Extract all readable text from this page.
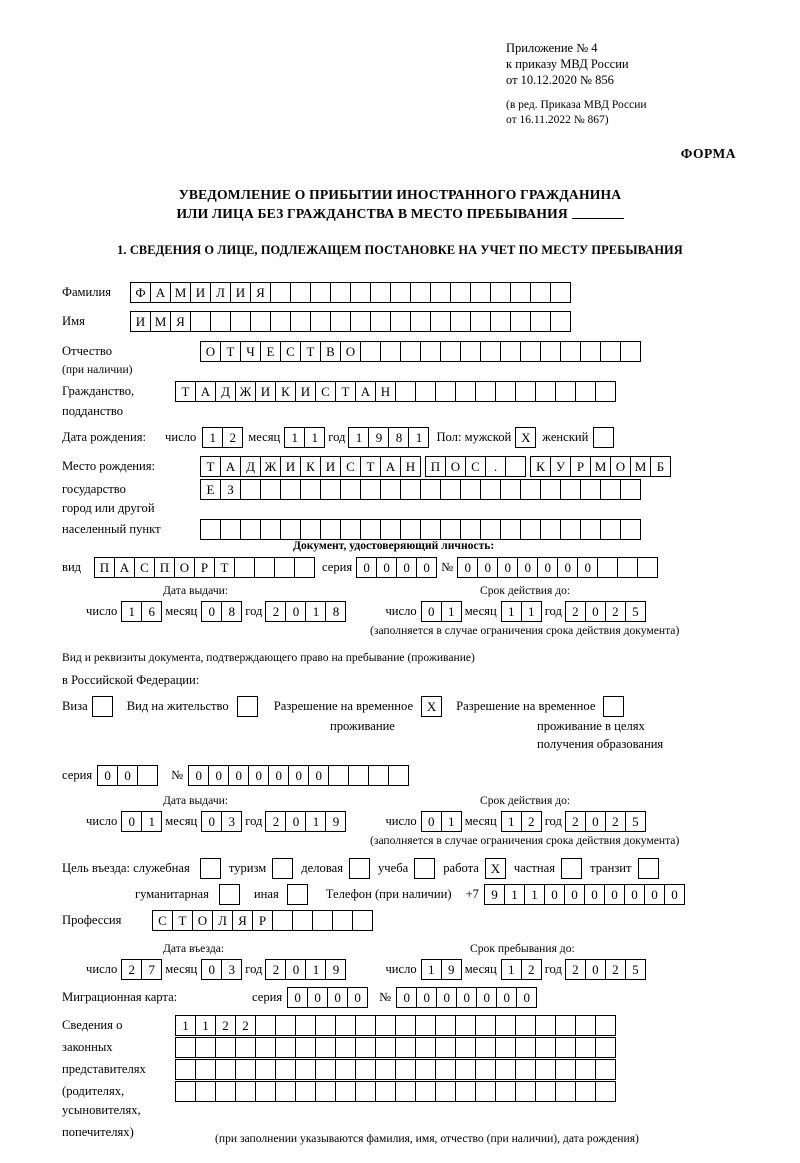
Приложение № 4
к приказу МВД России
от 10.12.2020 № 856
(в ред. Приказа МВД России
от 16.11.2022 № 867)
ФОРМА
УВЕДОМЛЕНИЕ О ПРИБЫТИИ ИНОСТРАННОГО ГРАЖДАНИНА
ИЛИ ЛИЦА БЕЗ ГРАЖДАНСТВА В МЕСТО ПРЕБЫВАНИЯ
1. СВЕДЕНИЯ О ЛИЦЕ, ПОДЛЕЖАЩЕМ ПОСТАНОВКЕ НА УЧЕТ ПО МЕСТУ ПРЕБЫВАНИЯ
Фамилия	Ф А М И Л И Я
Имя	И М Я
Отчество	О Т Ч Е С Т В О
(при наличии)
Гражданство,	Т А Д Ж И К И С Т А Н
подданство
Дата рождения:	число	1	2 месяц 1	1 год 1	9	8	1	Пол: мужской X женский
Место рождения:	Т А Д Ж И К И С Т А Н	П О С	.	К У Р М О М Б
государство	Е З
город или другой
населенный пункт
Документ, удостоверяющий личность:
вид	П А С П О Р Т	серия 0	0	0	0 № 0	0	0	0	0	0	0
Дата выдачи:	Срок действия до:
число 1	6 месяц 0	8 год 2	0	1	8	число 0	1 месяц 1	1 год 2	0	2	5
(заполняется в случае ограничения срока действия документа)
Вид и реквизиты документа, подтверждающего право на пребывание (проживание)
в Российской Федерации:
Виза	Вид на жительство	Разрешение на временное	X	Разрешение на временное
проживание	проживание в целях
получения образования
серия 0	0	№ 0	0	0	0	0	0	0
Дата выдачи:	Срок действия до:
число 0	1 месяц 0	3 год 2	0	1	9	число 0	1 месяц 1	2 год 2	0	2	5
(заполняется в случае ограничения срока действия документа)
Цель въезда: служебная	туризм	деловая	учеба	работа X	частная	транзит
гуманитарная	иная	Телефон (при наличии) +7 9	1	1	0	0	0	0	0	0	0
Профессия	С Т О Л Я Р
Дата въезда:	Срок пребывания до:
число 2	7 месяц 0	3 год 2	0	1	9	число 1	9 месяц 1	2 год 2	0	2	5
Миграционная карта:	серия 0	0	0	0	№ 0	0	0	0	0	0	0
Сведения о	1	1	2	2
законных
представителях
(родителях,
усыновителях,
попечителях)	(при заполнении указываются фамилия, имя, отчество (при наличии), дата рождения)
